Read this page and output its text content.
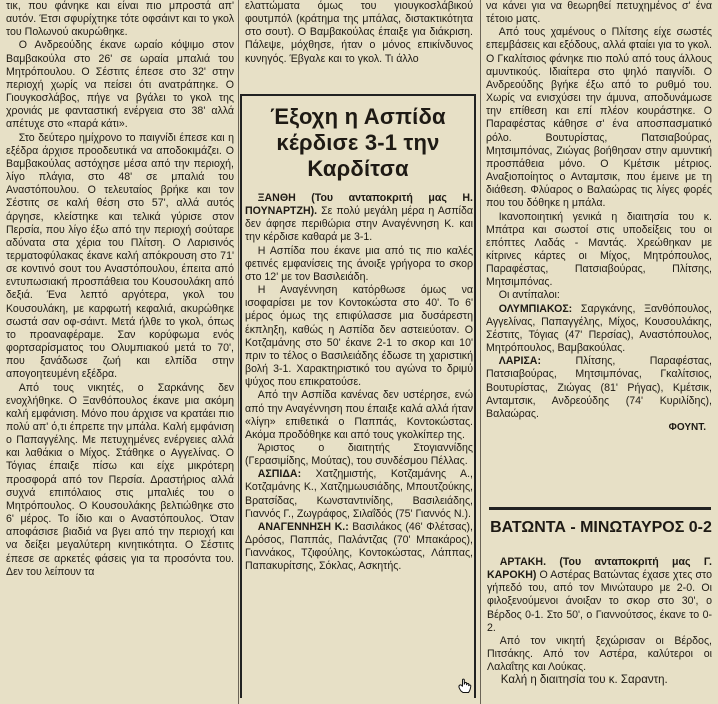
τικ, που φάνηκε και είναι πιο μπροστά απ' αυτόν. Έτσι σφυρίχτηκε τότε οφσάιντ και το γκολ του Πολωνού ακυρώθηκε.

Ο Ανδρεούδης έκανε ωραίο κόψιμο στον Βαμβακούλα στο 26' σε ωραία μπαλιά του Μητρόπουλου. Ο Σέστιτς έπεσε στο 32' στην περιοχή χωρίς να πείσει ότι ανατράπηκε. Ο Γιουγκοσλάβος, πήγε να βγάλει το γκολ της χρονιάς με φανταστική ενέργεια στο 38' αλλά απέτυχε στο «παρά κάτι».

Στο δεύτερο ημίχρονο το παιγνίδι έπεσε και η εξέδρα άρχισε προοδευτικά να αποδοκιμάζει. Ο Βαμβακούλας αστόχησε μέσα από την περιοχή, λίγο πλάγια, στο 48' σε μπαλιά του Αναστόπουλου. Ο τελευταίος βρήκε και τον Σέστιτς σε καλή θέση στο 57', αλλά αυτός άργησε, κλείστηκε και τελικά γύρισε στον Περσία, που λίγο έξω από την περιοχή σούταρε αδύνατα στα χέρια του Πλίτση. Ο Λαρισινός τερματοφύλακας έκανε καλή απόκρουση στο 71' σε κοντινό σουτ του Αναστόπουλου, έπειτα από εντυπωσιακή προσπάθεια του Κουσουλάκη από δεξιά. Ένα λεπτό αργότερα, γκολ του Κουσουλάκη, με καρφωτή κεφαλιά, ακυρώθηκε σωστά σαν οφ-σάιντ. Μετά ήλθε το γκολ, όπως το προαναφέραμε. Σαν κορύφωμα ενός φορτσαρίσματος του Ολυμπιακού μετά το 70', που ξανάδωσε ζωή και ελπίδα στην απογοητευμένη εξέδρα.

Από τους νικητές, ο Σαρκάνης δεν ενοχλήθηκε. Ο Ξανθόπουλος έκανε μια ακόμη καλή εμφάνιση. Μόνο που άρχισε να κρατάει πιο πολύ απ' ό,τι έπρεπε την μπάλα. Καλή εμφάνιση ο Παπαγγέλης. Με πετυχημένες ενέργειες αλλά και λαθάκια ο Μίχος. Στάθηκε ο Αγγελίνας. Ο Τόγιας έπαιξε πίσω και είχε μικρότερη προσφορά από τον Περσία. Δραστήριος αλλά συχνά επιπόλαιος στις μπαλιές του ο Μητρόπουλος. Ο Κουσουλάκης βελτιώθηκε στο 6' μέρος. Το ίδιο και ο Αναστόπουλος. Όταν αποφάσισε βιαδιά να βγει από την περιοχή και να δείξει μεγαλύτερη κινητικότητα. Ο Σέστιτς έπεσε σε αρκετές φάσεις για τα προσόντα του. Δεν του λείπουν τα

ελαττώματα όμως του γιουγκοσλάβικού φουτμπόλ (κράτημα της μπάλας, διστακτικότητα στο σουτ). Ο Βαμβακούλας έπαιξε για διάκριση. Πάλεψε, μόχθησε, ήταν ο μόνος επικίνδυνος κυνηγός. Έβγαλε και το γκολ. Τι άλλο

Έξοχη η Ασπίδα κέρδισε 3-1 την Καρδίτσα

ΞΑΝΘΗ (Του ανταποκριτή μας Η. ΠΟΥΝΑΡΤΖΗ). Σε πολύ μεγάλη μέρα η Ασπίδα δεν άφησε περιθώρια στην Αναγέννηση Κ. και την κέρδισε καθαρά με 3-1.

Η Ασπίδα που έκανε μια από τις πιο καλές φετινές εμφανίσεις της άνοιξε γρήγορα το σκορ στο 12' με τον Βασιλειάδη.

Η Αναγέννηση κατόρθωσε όμως να ισοφαρίσει με τον Κοντοκώστα στο 40'. Το 6' μέρος όμως της επιφύλασσε μια δυσάρεστη έκπληξη, καθώς η Ασπίδα δεν αστειεύοταν. Ο Κοτζαμάνης στο 50' έκανε 2-1 το σκορ και 10' πριν το τέλος ο Βασιλειάδης έδωσε τη χαριστική βολή 3-1. Χαρακτηριστικό του αγώνα το δριμύ ψύχος που επικρατούσε.

Από την Ασπίδα κανένας δεν υστέρησε, ενώ από την Αναγέννηση που έπαιξε καλά αλλά ήταν «λίγη» επιθετικά ο Παππάς, Κοντοκώστας. Ακόμα προδόθηκε και από τους γκολκίπερ της.

Άριστος ο διαιτητής Στογιαννίδης (Γερασιμίδης, Μούτας), του συνδέσμου Πέλλας.

ΑΣΠΙΔΑ: Χατζημιστής, Κοτζαμάνης Α., Κοτζαμάνης Κ., Χατζημωυσιάδης, Μπουτζούκης, Βρατσίδας, Κωνσταντινίδης, Βασιλειάδης, Γιαννός Γ., Ζωγράφος, Σιλαΐδός (75' Γιαννός Ν.).

ΑΝΑΓΕΝΝΗΣΗ Κ.: Βασιλάκος (46' Φλέτσας), Δρόσος, Παππάς, Παλάντζας (70' Μπακάρος), Γιαννάκος, Τζιφούλης, Κοντοκώστας, Λάππας, Παπακυρίτσης, Σόκλας, Ασκητής.

να κάνει για να θεωρηθεί πετυχημένος σ' ένα τέτοιο ματς.

Από τους χαμένους ο Πλίτσης είχε σωστές επεμβάσεις και εξόδους, αλλά φταίει για το γκολ. Ο Γκαλίτσιος φάνηκε πιο πολύ από τους άλλους αμυντικούς. Ιδιαίτερα στο ψηλό παιγνίδι. Ο Ανδρεούδης βγήκε έξω από το ρυθμό του. Χωρίς να ενισχύσει την άμυνα, αποδυνάμωσε την επίθεση και επί πλέον κουράστηκε. Ο Παραφέστας κάθησε σ' ένα αποσπασματικό ρόλο. Βουτυρίστας, Πατσιαβούρας, Μητσιμπόνας, Ζιώγας βοήθησαν στην αμυντική προσπάθεια μόνο. Ο Κμέτσικ μέτριος. Αναξιοποίητος ο Ανταμτσικ, που έμεινε με τη διάθεση. Φλύαρος ο Βαλαώρας τις λίγες φορές που του δόθηκε η μπάλα.

Ικανοποιητική γενικά η διαιτησία του κ. Μπάτρα και σωστοί στις υποδείξεις του οι επόπτες Λαδάς - Μαντάς. Χρεώθηκαν με κίτρινες κάρτες οι Μίχος, Μητρόπουλος, Παραφέστας, Πατσιαβούρας, Πλίτσης, Μητσιμπόνας.

Οι αντίπαλοι:

ΟΛΥΜΠΙΑΚΟΣ: Σαργκάνης, Ξανθόπουλος, Αγγελίνας, Παπαγγέλης, Μίχος, Κουσουλάκης, Σέστιτς, Τόγιας (47' Περσίας), Αναστόπουλος, Μητρόπουλος, Βαμβακούλας.

ΛΑΡΙΣΑ:	Πλίτσης, Παραφέστας, Πατσιαβούρας, Μητσιμπόνας, Γκαλίτσιος, Βουτυρίστας, Ζιώγας (81' Ρήγας), Κμέτσικ, Ανταμτσικ, Ανδρεούδης (74' Κυριλίδης), Βαλαώρας.

ΦΟΥΝΤ.

ΒΑΤΩΝΤΑ - ΜΙΝΩΤΑΥΡΟΣ 0-2

ΑΡΤΑΚΗ. (Του ανταποκριτή μας Γ. ΚΑΡΟΚΗ) Ο Αστέρας Βατώντας έχασε χτες στο γήπεδό του, από τον Μινώταυρο με 2-0. Οι φιλοξενούμενοι άνοιξαν το σκορ στο 30', ο Βέρδος 0-1. Στο 50', ο Γιαννούτσος, έκανε το 0-2.

Από τον νικητή ξεχώρισαν οι Βέρδος, Πιτσάκης. Από τον Αστέρα, καλύτεροι οι Λαλαΐτης και Λούκας.

Καλή η διαιτησία του κ. Σαραντη.
